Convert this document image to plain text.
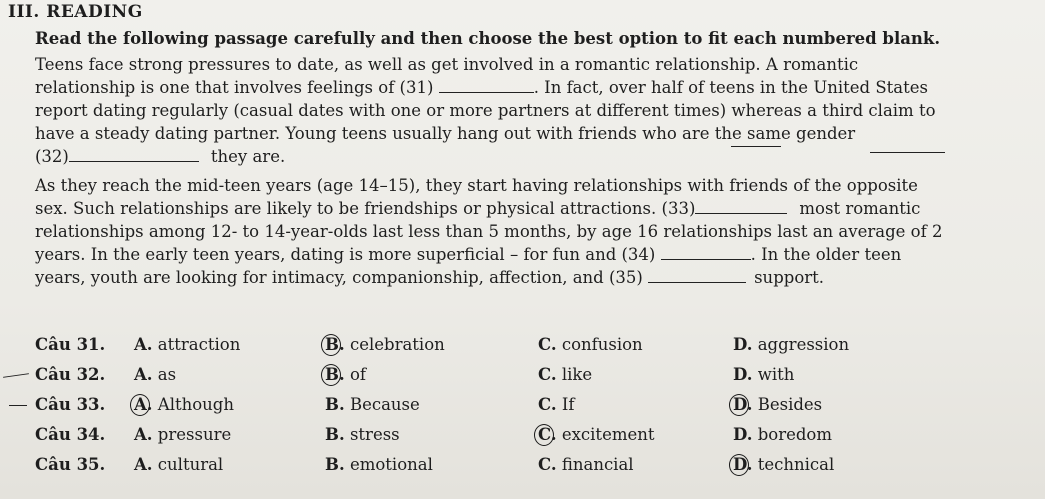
III. READING
Read the following passage carefully and then choose the best option to fit each numbered blank.
Teens face strong pressures to date, as well as get involved in a romantic relationship. A romantic
relationship is one that involves feelings of (31)	. In fact, over half of teens in the United States
report dating regularly (casual dates with one or more partners at different times) whereas a third claim to
have a steady dating partner. Young teens usually hang out with friends who are the same gender
(32)	they are.
As they reach the mid-teen years (age 14–15), they start having relationships with friends of the opposite
sex. Such relationships are likely to be friendships or physical attractions. (33)	most romantic
relationships among 12- to 14-year-olds last less than 5 months, by age 16 relationships last an average of 2
years. In the early teen years, dating is more superficial – for fun and (34)	. In the older teen
years, youth are looking for intimacy, companionship, affection, and (35)	support.
Câu 31. A. attraction	B. celebration	C. confusion	D. aggression
Câu 32. A. as	B. of	C. like	D. with
Câu 33. A. Although	B. Because	C. If	D. Besides
Câu 34. A. pressure	B. stress	C. excitement	D. boredom
Câu 35. A. cultural	B. emotional	C. financial	D. technical
